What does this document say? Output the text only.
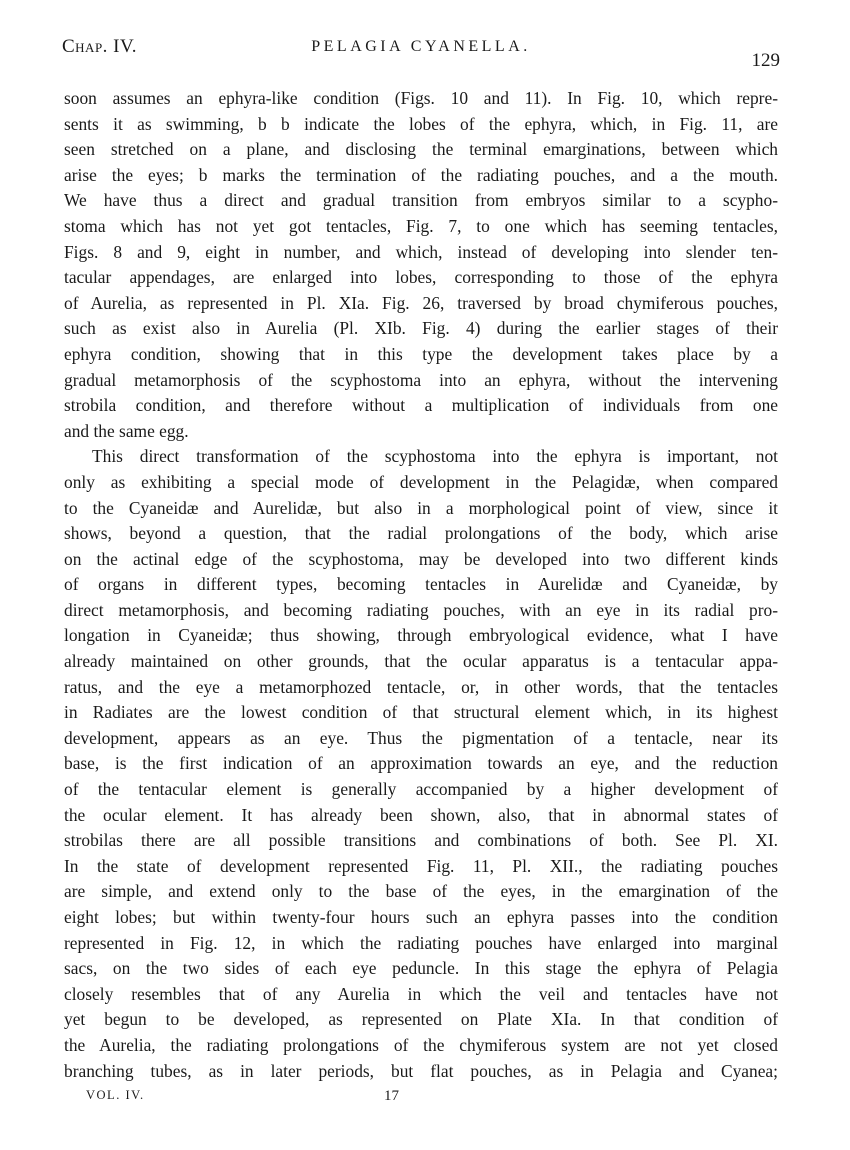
Chap. IV.	PELAGIA CYANELLA.
129
soon assumes an ephyra-like condition (Figs. 10 and 11). In Fig. 10, which repre-
sents it as swimming, b b indicate the lobes of the ephyra, which, in Fig. 11, are
seen stretched on a plane, and disclosing the terminal emarginations, between which
arise the eyes; b marks the termination of the radiating pouches, and a the mouth.
We have thus a direct and gradual transition from embryos similar to a scypho-
stoma which has not yet got tentacles, Fig. 7, to one which has seeming tentacles,
Figs. 8 and 9, eight in number, and which, instead of developing into slender ten-
tacular appendages, are enlarged into lobes, corresponding to those of the ephyra
of Aurelia, as represented in Pl. XIa. Fig. 26, traversed by broad chymiferous pouches,
such as exist also in Aurelia (Pl. XIb. Fig. 4) during the earlier stages of their
ephyra condition, showing that in this type the development takes place by a
gradual metamorphosis of the scyphostoma into an ephyra, without the intervening
strobila condition, and therefore without a multiplication of individuals from one
and the same egg.
This direct transformation of the scyphostoma into the ephyra is important, not
only as exhibiting a special mode of development in the Pelagidæ, when compared
to the Cyaneidæ and Aurelidæ, but also in a morphological point of view, since it
shows, beyond a question, that the radial prolongations of the body, which arise
on the actinal edge of the scyphostoma, may be developed into two different kinds
of organs in different types, becoming tentacles in Aurelidæ and Cyaneidæ, by
direct metamorphosis, and becoming radiating pouches, with an eye in its radial pro-
longation in Cyaneidæ; thus showing, through embryological evidence, what I have
already maintained on other grounds, that the ocular apparatus is a tentacular appa-
ratus, and the eye a metamorphozed tentacle, or, in other words, that the tentacles
in Radiates are the lowest condition of that structural element which, in its highest
development, appears as an eye. Thus the pigmentation of a tentacle, near its
base, is the first indication of an approximation towards an eye, and the reduction
of the tentacular element is generally accompanied by a higher development of
the ocular element. It has already been shown, also, that in abnormal states of
strobilas there are all possible transitions and combinations of both. See Pl. XI.
In the state of development represented Fig. 11, Pl. XII., the radiating pouches
are simple, and extend only to the base of the eyes, in the emargination of the
eight lobes; but within twenty-four hours such an ephyra passes into the condition
represented in Fig. 12, in which the radiating pouches have enlarged into marginal
sacs, on the two sides of each eye peduncle. In this stage the ephyra of Pelagia
closely resembles that of any Aurelia in which the veil and tentacles have not
yet begun to be developed, as represented on Plate XIa. In that condition of
the Aurelia, the radiating prolongations of the chymiferous system are not yet closed
branching tubes, as in later periods, but flat pouches, as in Pelagia and Cyanea;
VOL. IV.	17
